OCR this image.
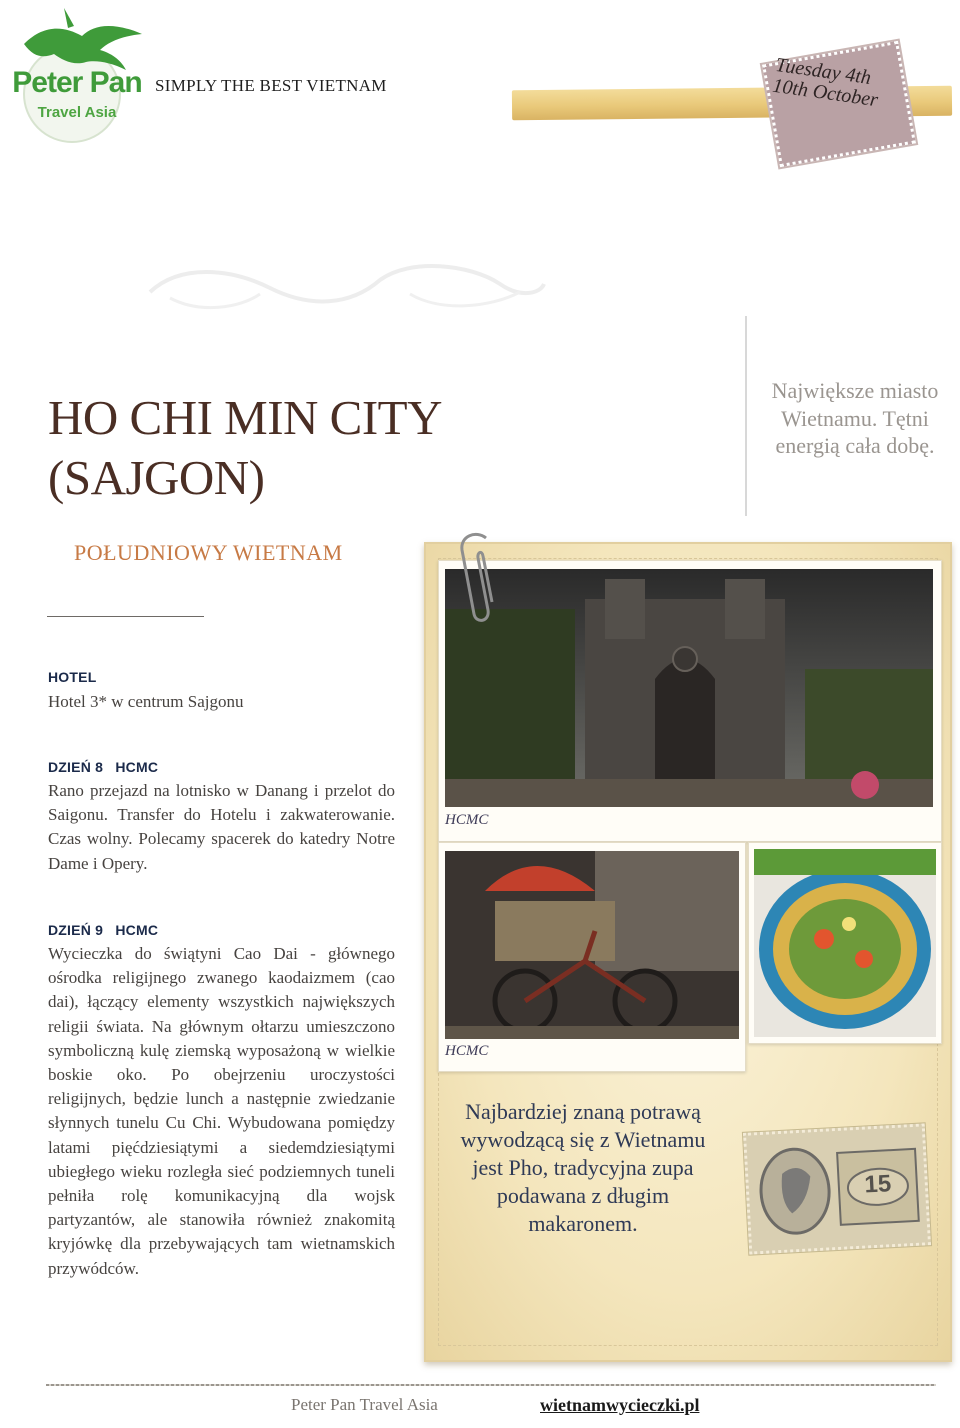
Peter Pan
Travel Asia
SIMPLY THE BEST VIETNAM	Tuesday 4th 10th October
Największe miasto Wietnamu. Tętni energią cała dobę.
HO CHI MIN CITY (SAJGON)
POŁUDNIOWY WIETNAM
HOTEL
Hotel 3* w centrum Sajgonu
DZIEŃ 8   HCMC
Rano przejazd na lotnisko w Danang i przelot do Saigonu. Transfer do Hotelu i zakwaterowanie. Czas wolny. Polecamy spacerek do katedry Notre Dame i Opery.
DZIEŃ 9   HCMC
Wycieczka do świątyni Cao Dai - głównego ośrodka religijnego zwanego kaodaizmem (cao dai), łączący elementy wszystkich największych religii świata. Na głównym ołtarzu umieszczono symboliczną kulę ziemską wyposażoną w wielkie boskie oko. Po obejrzeniu uroczystości religijnych, będzie lunch a następnie zwiedzanie słynnych tunelu Cu Chi. Wybudowana pomiędzy latami pięćdziesiątymi a siedemdziesiątymi ubiegłego wieku rozległa sieć podziemnych tuneli pełniła rolę komunikacyjną dla wojsk partyzantów, ale stanowiła również znakomitą kryjówkę dla przebywających tam wietnamskich przywódców.
HCMC
HCMC
Najbardziej znaną potrawą wywodzącą się z Wietnamu jest Pho, tradycyjna zupa podawana z długim makaronem.
15
Peter Pan Travel Asia	wietnamwycieczki.pl
